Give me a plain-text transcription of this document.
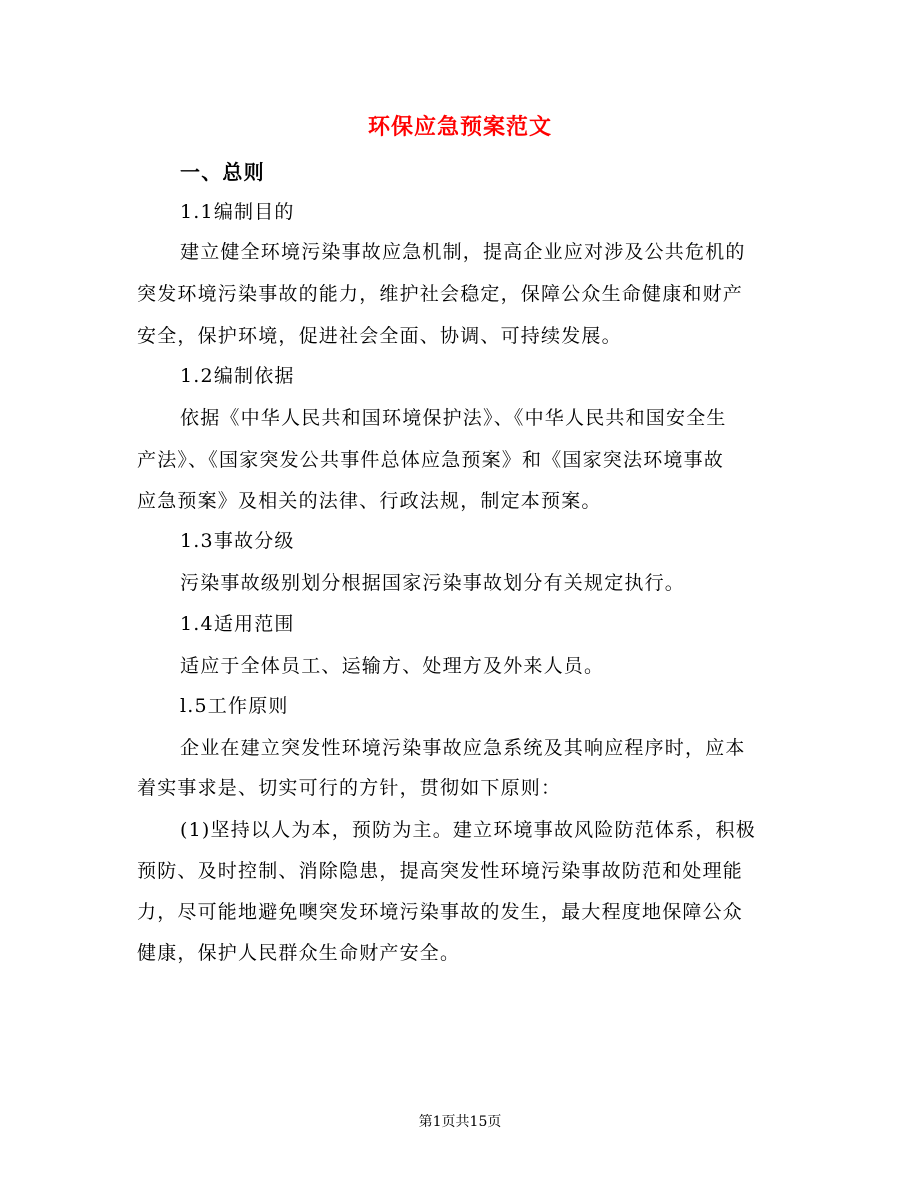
环保应急预案范文
一、总则
1.1编制目的
建立健全环境污染事故应急机制，提高企业应对涉及公共危机的
突发环境污染事故的能力，维护社会稳定，保障公众生命健康和财产
安全，保护环境，促进社会全面、协调、可持续发展。
1.2编制依据
依据《中华人民共和国环境保护法》、《中华人民共和国安全生
产法》、《国家突发公共事件总体应急预案》和《国家突法环境事故
应急预案》及相关的法律、行政法规，制定本预案。
1.3事故分级
污染事故级别划分根据国家污染事故划分有关规定执行。
1.4适用范围
适应于全体员工、运输方、处理方及外来人员。
l.5工作原则
企业在建立突发性环境污染事故应急系统及其响应程序时，应本
着实事求是、切实可行的方针，贯彻如下原则：
(1)坚持以人为本，预防为主。建立环境事故风险防范体系，积极
预防、及时控制、消除隐患，提高突发性环境污染事故防范和处理能
力，尽可能地避免噢突发环境污染事故的发生，最大程度地保障公众
健康，保护人民群众生命财产安全。
第1页共15页
